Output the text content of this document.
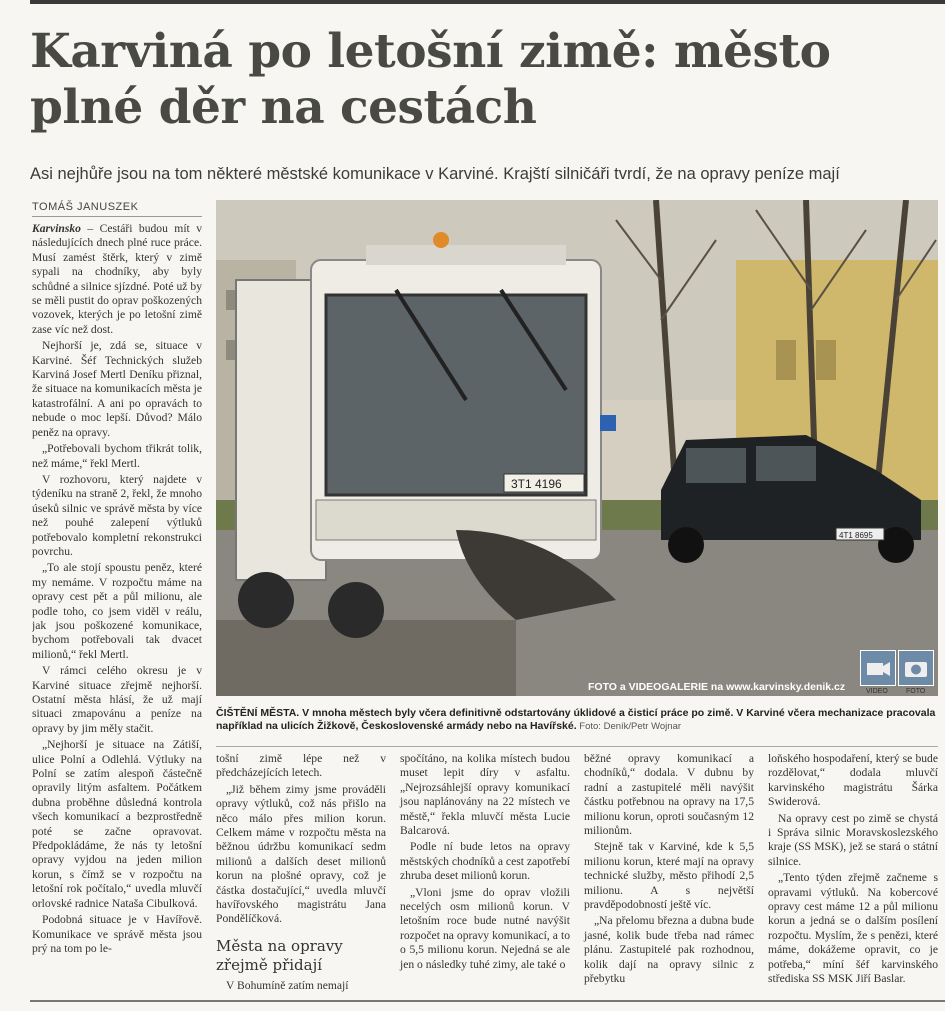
Karviná po letošní zimě: město plné děr na cestách

Asi nejhůře jsou na tom některé městské komunikace v Karviné. Krajští silničáři tvrdí, že na opravy peníze mají

TOMÁŠ JANUSZEK

Karvinsko – Cestáři budou mít v následujících dnech plné ruce práce. Musí zamést štěrk, který v zimě sypali na chodníky, aby byly schůdné a silnice sjízdné. Poté už by se měli pustit do oprav poškozených vozovek, kterých je po letošní zimě zase víc než dost.

Nejhorší je, zdá se, situace v Karviné. Šéf Technických služeb Karviná Josef Mertl Deníku přiznal, že situace na komunikacích města je katastrofální. A ani po opravách to nebude o moc lepší. Důvod? Málo peněz na opravy.

„Potřebovali bychom třikrát tolik, než máme,“ řekl Mertl.

V rozhovoru, který najdete v týdeníku na straně 2, řekl, že mnoho úseků silnic ve správě města by více než pouhé zalepení výtluků potřebovalo kompletní rekonstrukci povrchu.

„To ale stojí spoustu peněz, které my nemáme. V rozpočtu máme na opravy cest pět a půl milionu, ale podle toho, co jsem viděl v reálu, jak jsou poškozené komunikace, bychom potřebovali tak dvacet milionů,“ řekl Mertl.

V rámci celého okresu je v Karviné situace zřejmě nejhorší. Ostatní města hlásí, že už mají situaci zmapovánu a peníze na opravy by jim měly stačit.

„Nejhorší je situace na Zátiší, ulice Polní a Odlehlá. Výtluky na Polní se zatím alespoň částečně opravily litým asfaltem. Počátkem dubna proběhne důsledná kontrola všech komunikací a bezprostředně poté se začne opravovat. Předpokládáme, že nás ty letošní opravy vyjdou na jeden milion korun, s čímž se v rozpočtu na letošní rok počítalo,“ uvedla mluvčí orlovské radnice Nataša Cibulková.

Podobná situace je v Havířově. Komunikace ve správě města jsou prý na tom po le-

3T1 4196
4T1 8695
FOTO a VIDEOGALERIE na www.karvinsky.denik.cz	VIDEO	FOTO
ČIŠTĚNÍ MĚSTA. V mnoha městech byly včera definitivně odstartovány úklidové a čisticí práce po zimě. V Karviné včera mechanizace pracovala například na ulicích Žižkově, Československé armády nebo na Havířské. Foto: Deník/Petr Wojnar

tošní zimě lépe než v předcházejících letech.

„Již během zimy jsme prováděli opravy výtluků, což nás přišlo na něco málo přes milion korun. Celkem máme v rozpočtu města na běžnou údržbu komunikací sedm milionů a dalších deset milionů korun na plošné opravy, což je částka dostačující,“ uvedla mluvčí havířovského magistrátu Jana Pondělíčková.

Města na opravy zřejmě přidají

V Bohumíně zatím nemají

spočítáno, na kolika místech budou muset lepit díry v asfaltu. „Nejrozsáhlejší opravy komunikací jsou naplánovány na 22 místech ve městě,“ řekla mluvčí města Lucie Balcarová.

Podle ní bude letos na opravy městských chodníků a cest zapotřebí zhruba deset milionů korun.

„Vloni jsme do oprav vložili necelých osm milionů korun. V letošním roce bude nutné navýšit rozpočet na opravy komunikací, a to o 5,5 milionu korun. Nejedná se ale jen o následky tuhé zimy, ale také o

běžné opravy komunikací a chodníků,“ dodala. V dubnu by radní a zastupitelé měli navýšit částku potřebnou na opravy na 17,5 milionu korun, oproti současným 12 milionům.

Stejně tak v Karviné, kde k 5,5 milionu korun, které mají na opravy technické služby, město přihodí 2,5 milionu. A s největší pravděpodobností ještě víc.

„Na přelomu března a dubna bude jasné, kolik bude třeba nad rámec plánu. Zastupitelé pak rozhodnou, kolik dají na opravy silnic z přebytku

loňského hospodaření, který se bude rozdělovat,“ dodala mluvčí karvinského magistrátu Šárka Swiderová.

Na opravy cest po zimě se chystá i Správa silnic Moravskoslezského kraje (SS MSK), jež se stará o státní silnice.

„Tento týden zřejmě začneme s opravami výtluků. Na kobercové opravy cest máme 12 a půl milionu korun a jedná se o dalším posílení rozpočtu. Myslím, že s penězi, které máme, dokážeme opravit, co je potřeba,“ míní šéf karvinského střediska SS MSK Jiří Baslar.
